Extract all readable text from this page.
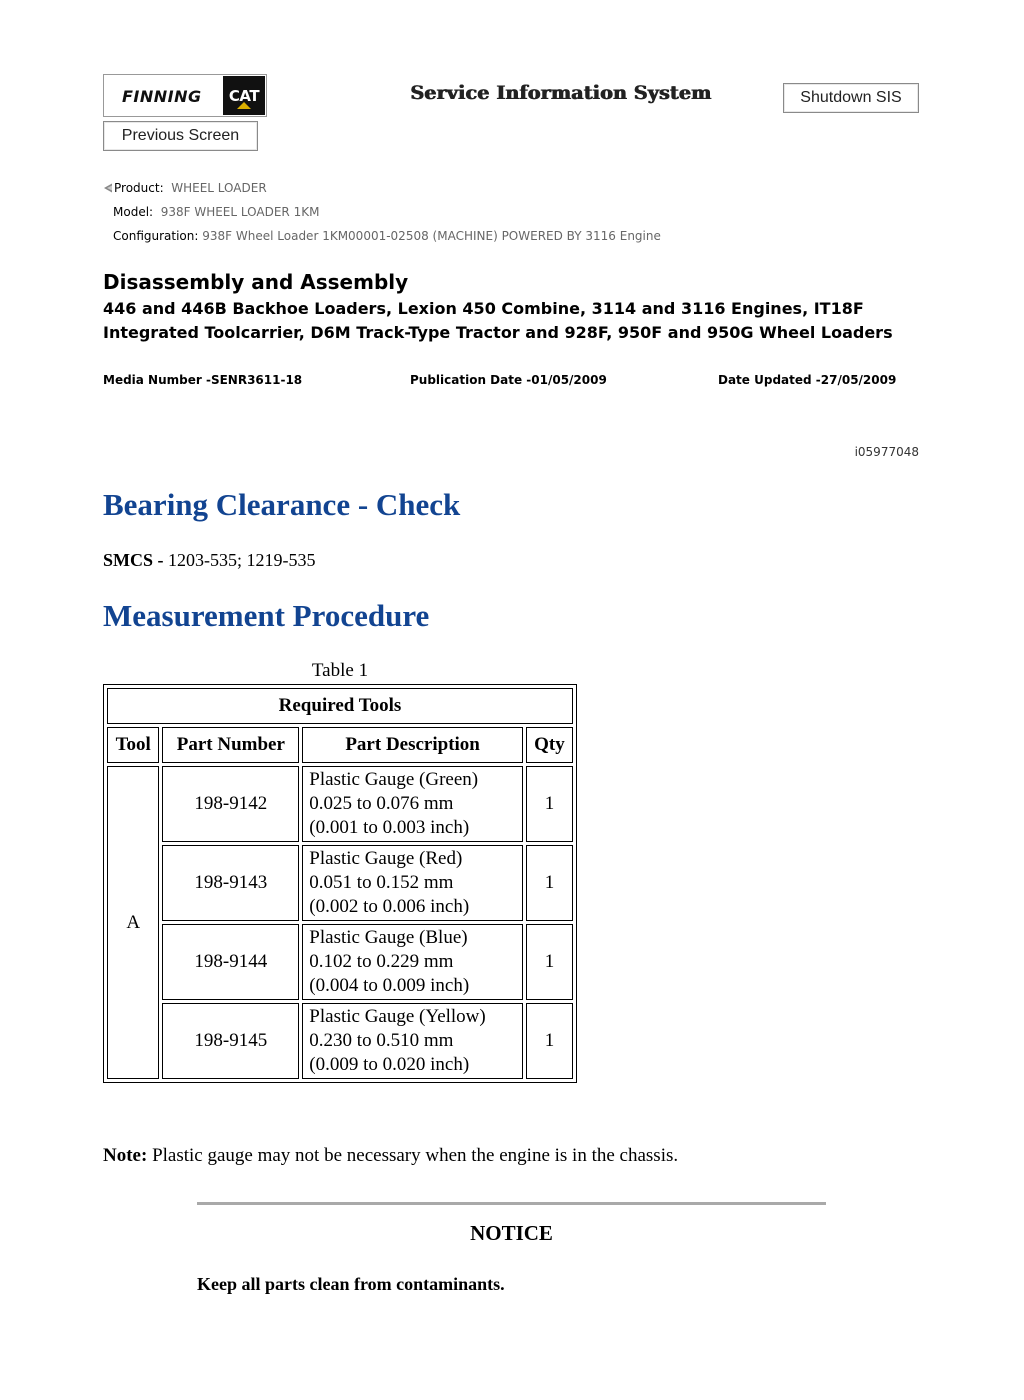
FINNING	CAT	Service Information System	Shutdown SIS
Previous Screen
Product: WHEEL LOADER
Model: 938F WHEEL LOADER 1KM
Configuration: 938F Wheel Loader 1KM00001-02508 (MACHINE) POWERED BY 3116 Engine
Disassembly and Assembly
446 and 446B Backhoe Loaders, Lexion 450 Combine, 3114 and 3116 Engines, IT18F Integrated Toolcarrier, D6M Track-Type Tractor and 928F, 950F and 950G Wheel Loaders
Media Number -SENR3611-18	Publication Date -01/05/2009	Date Updated -27/05/2009
i05977048
Bearing Clearance - Check
SMCS - 1203-535; 1219-535
Measurement Procedure
Table 1
Required Tools			
Tool	Part Number	Part Description	Qty
A	198-9142	Plastic Gauge (Green)
0.025 to 0.076 mm
(0.001 to 0.003 inch)	1
	198-9143	Plastic Gauge (Red)
0.051 to 0.152 mm
(0.002 to 0.006 inch)	1
	198-9144	Plastic Gauge (Blue)
0.102 to 0.229 mm
(0.004 to 0.009 inch)	1
	198-9145	Plastic Gauge (Yellow)
0.230 to 0.510 mm
(0.009 to 0.020 inch)	1
Note: Plastic gauge may not be necessary when the engine is in the chassis.
NOTICE
Keep all parts clean from contaminants.
